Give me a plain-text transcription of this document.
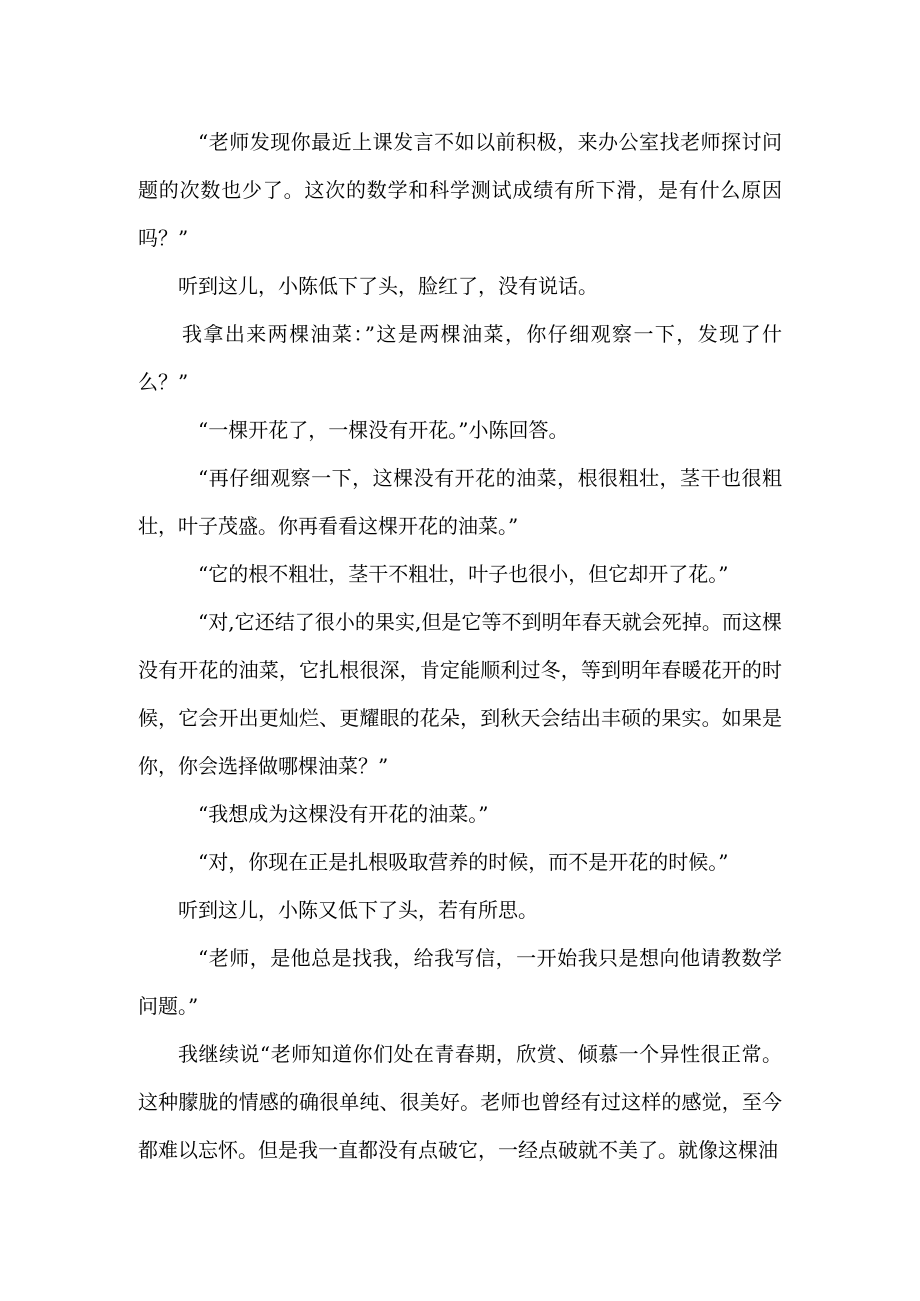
“老师发现你最近上课发言不如以前积极，来办公室找老师探讨问题的次数也少了。这次的数学和科学测试成绩有所下滑，是有什么原因吗？”

听到这儿，小陈低下了头，脸红了，没有说话。

我拿出来两棵油菜：”这是两棵油菜，你仔细观察一下，发现了什么？”

“一棵开花了，一棵没有开花。”小陈回答。

“再仔细观察一下，这棵没有开花的油菜，根很粗壮，茎干也很粗壮，叶子茂盛。你再看看这棵开花的油菜。”

“它的根不粗壮，茎干不粗壮，叶子也很小，但它却开了花。”

“对,它还结了很小的果实,但是它等不到明年春天就会死掉。而这棵没有开花的油菜，它扎根很深，肯定能顺利过冬，等到明年春暖花开的时候，它会开出更灿烂、更耀眼的花朵，到秋天会结出丰硕的果实。如果是你，你会选择做哪棵油菜？”

“我想成为这棵没有开花的油菜。”

“对，你现在正是扎根吸取营养的时候，而不是开花的时候。”

听到这儿，小陈又低下了头，若有所思。

“老师，是他总是找我，给我写信，一开始我只是想向他请教数学问题。”

我继续说“老师知道你们处在青春期，欣赏、倾慕一个异性很正常。这种朦胧的情感的确很单纯、很美好。老师也曾经有过这样的感觉，至今都难以忘怀。但是我一直都没有点破它，一经点破就不美了。就像这棵油
